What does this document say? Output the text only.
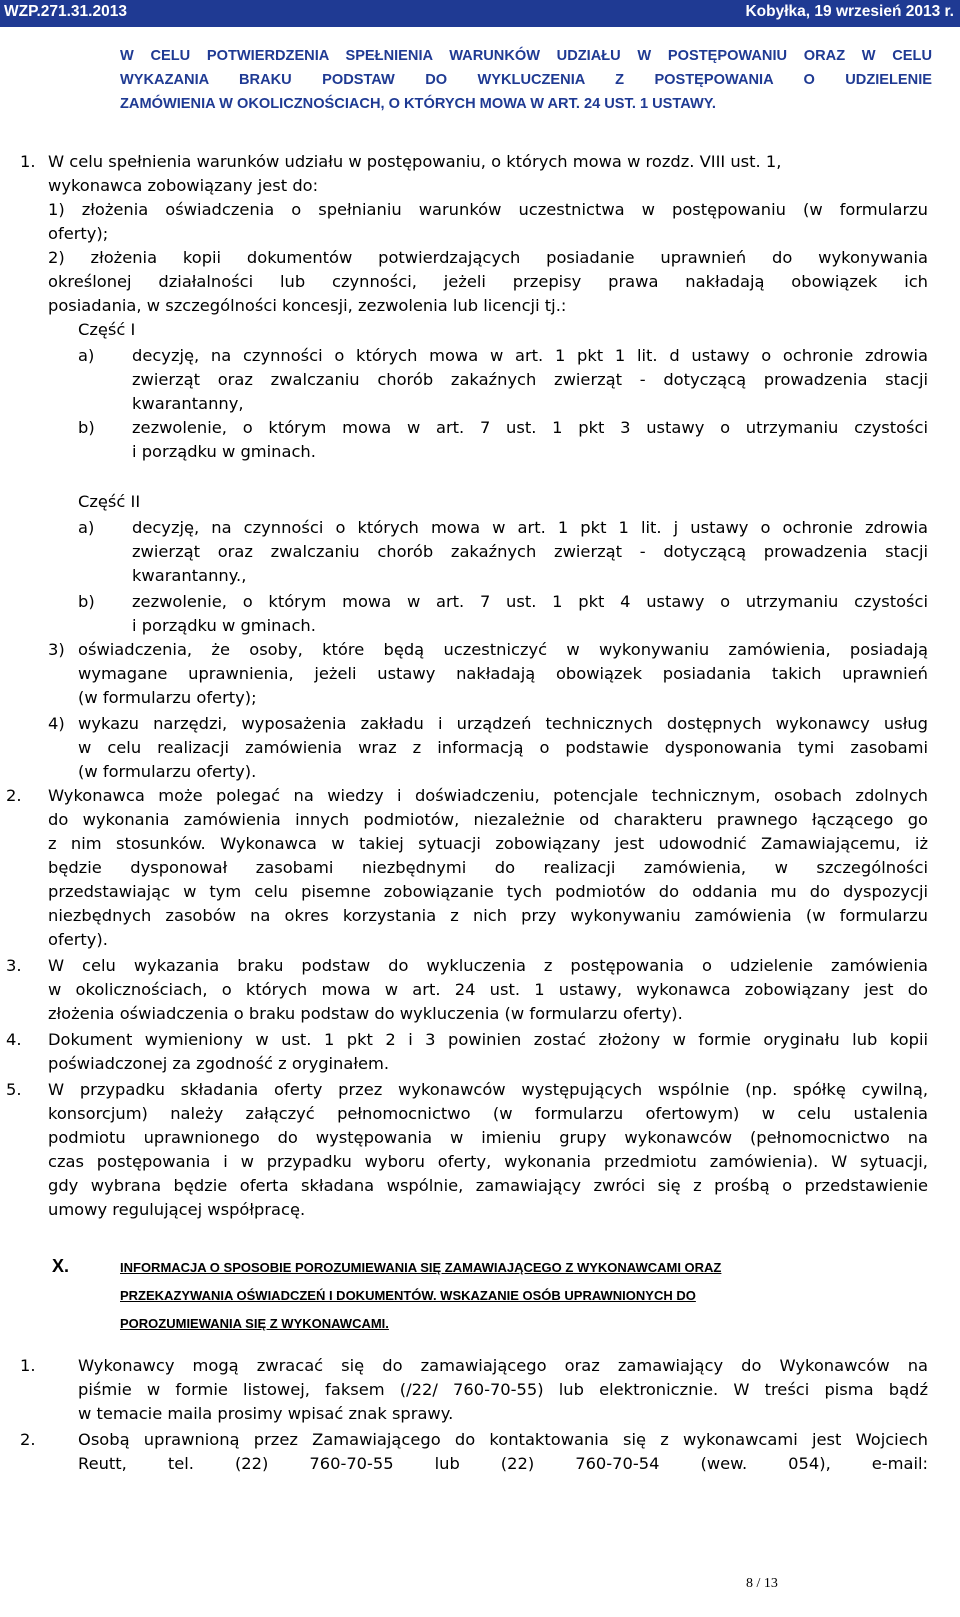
WZP.271.31.2013	Kobyłka, 19 wrzesień 2013 r.
W CELU POTWIERDZENIA SPEŁNIENIA WARUNKÓW UDZIAŁU W POSTĘPOWANIU ORAZ W CELU
WYKAZANIA BRAKU PODSTAW DO WYKLUCZENIA Z POSTĘPOWANIA O UDZIELENIE
ZAMÓWIENIA W OKOLICZNOŚCIACH, O KTÓRYCH MOWA W ART. 24 UST. 1 USTAWY.
1. W celu spełnienia warunków udziału w postępowaniu, o których mowa w rozdz. VIII ust. 1,
wykonawca zobowiązany jest do:
1) złożenia oświadczenia o spełnianiu warunków uczestnictwa w postępowaniu (w formularzu
oferty);
2) złożenia kopii dokumentów potwierdzających posiadanie uprawnień do wykonywania
określonej działalności lub czynności, jeżeli przepisy prawa nakładają obowiązek ich
posiadania, w szczególności koncesji, zezwolenia lub licencji tj.:
Część I
a) decyzję, na czynności o których mowa w art. 1 pkt 1 lit. d ustawy o ochronie zdrowia
zwierząt oraz zwalczaniu chorób zakaźnych zwierząt - dotyczącą prowadzenia stacji
kwarantanny,
b) zezwolenie, o którym mowa w art. 7 ust. 1 pkt 3 ustawy o utrzymaniu czystości
i porządku w gminach.
Część II
a) decyzję, na czynności o których mowa w art. 1 pkt 1 lit. j ustawy o ochronie zdrowia
zwierząt oraz zwalczaniu chorób zakaźnych zwierząt - dotyczącą prowadzenia stacji
kwarantanny.,
b) zezwolenie, o którym mowa w art. 7 ust. 1 pkt 4 ustawy o utrzymaniu czystości
i porządku w gminach.
3) oświadczenia, że osoby, które będą uczestniczyć w wykonywaniu zamówienia, posiadają
wymagane uprawnienia, jeżeli ustawy nakładają obowiązek posiadania takich uprawnień
(w formularzu oferty);
4) wykazu narzędzi, wyposażenia zakładu i urządzeń technicznych dostępnych wykonawcy usług
w celu realizacji zamówienia wraz z informacją o podstawie dysponowania tymi zasobami
(w formularzu oferty).
2. Wykonawca może polegać na wiedzy i doświadczeniu, potencjale technicznym, osobach zdolnych
do wykonania zamówienia innych podmiotów, niezależnie od charakteru prawnego łączącego go
z nim stosunków. Wykonawca w takiej sytuacji zobowiązany jest udowodnić Zamawiającemu, iż
będzie dysponował zasobami niezbędnymi do realizacji zamówienia, w szczególności
przedstawiając w tym celu pisemne zobowiązanie tych podmiotów do oddania mu do dyspozycji
niezbędnych zasobów na okres korzystania z nich przy wykonywaniu zamówienia (w formularzu
oferty).
3. W celu wykazania braku podstaw do wykluczenia z postępowania o udzielenie zamówienia
w okolicznościach, o których mowa w art. 24 ust. 1 ustawy, wykonawca zobowiązany jest do
złożenia oświadczenia o braku podstaw do wykluczenia (w formularzu oferty).
4. Dokument wymieniony w ust. 1 pkt 2 i 3 powinien zostać złożony w formie oryginału lub kopii
poświadczonej za zgodność z oryginałem.
5. W przypadku składania oferty przez wykonawców występujących wspólnie (np. spółkę cywilną,
konsorcjum) należy załączyć pełnomocnictwo (w formularzu ofertowym) w celu ustalenia
podmiotu uprawnionego do występowania w imieniu grupy wykonawców (pełnomocnictwo na
czas postępowania i w przypadku wyboru oferty, wykonania przedmiotu zamówienia). W sytuacji,
gdy wybrana będzie oferta składana wspólnie, zamawiający zwróci się z prośbą o przedstawienie
umowy regulującej współpracę.
X.	INFORMACJA O SPOSOBIE POROZUMIEWANIA SIĘ ZAMAWIAJĄCEGO Z WYKONAWCAMI ORAZ
PRZEKAZYWANIA OŚWIADCZEŃ I DOKUMENTÓW. WSKAZANIE OSÓB UPRAWNIONYCH DO
POROZUMIEWANIA SIĘ Z WYKONAWCAMI.
1.	Wykonawcy mogą zwracać się do zamawiającego oraz zamawiający do Wykonawców na
piśmie w formie listowej, faksem (/22/ 760-70-55) lub elektronicznie. W treści pisma bądź
w temacie maila prosimy wpisać znak sprawy.
2.	Osobą uprawnioną przez Zamawiającego do kontaktowania się z wykonawcami jest Wojciech
Reutt, tel. (22) 760-70-55 lub (22) 760-70-54 (wew. 054), e-mail:
8 / 13
